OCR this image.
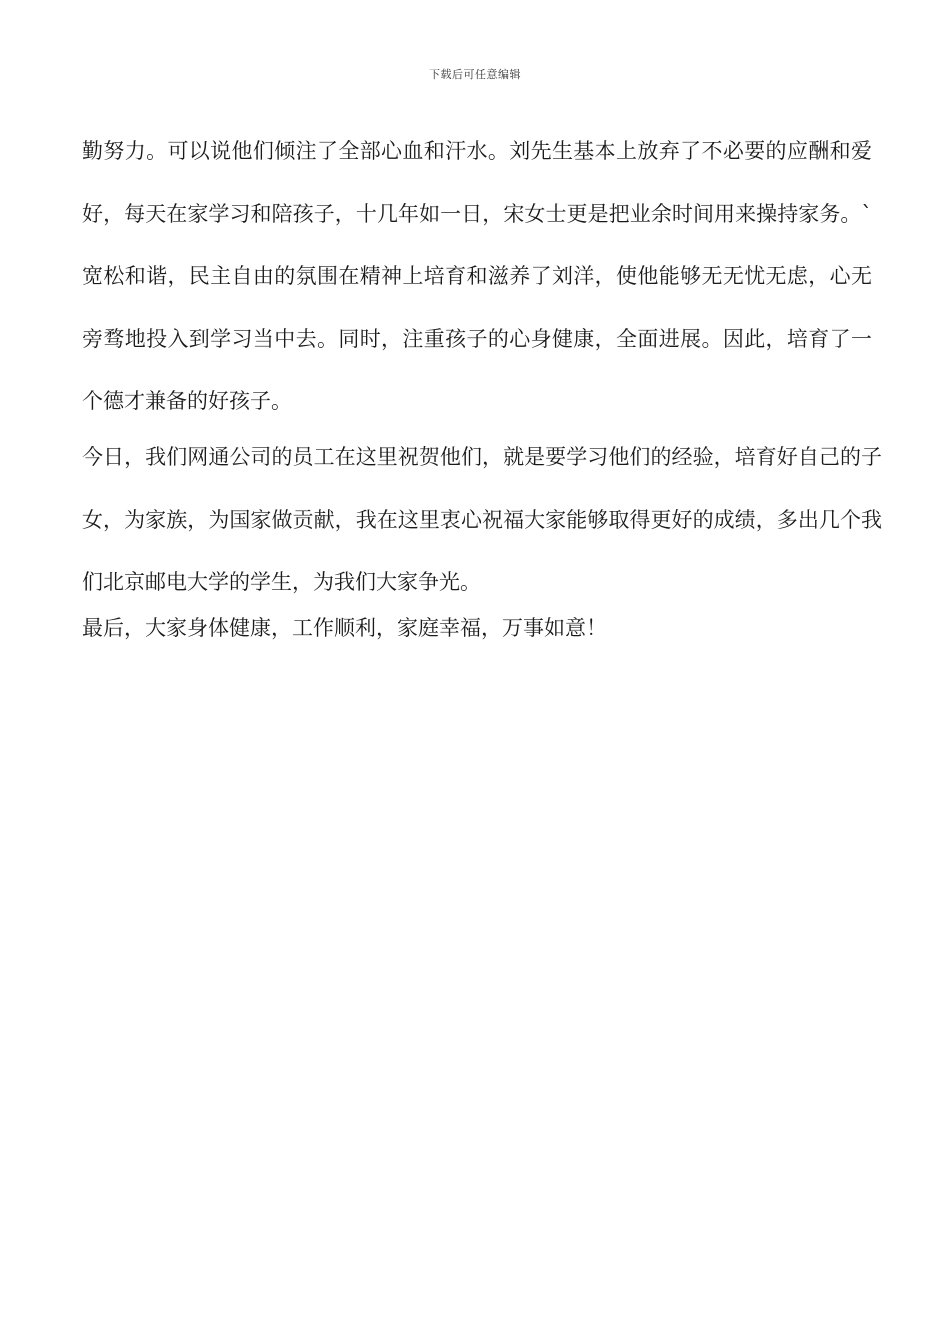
下载后可任意编辑

勤努力。可以说他们倾注了全部心血和汗水。刘先生基本上放弃了不必要的应酬和爱好，每天在家学习和陪孩子，十几年如一日，宋女士更是把业余时间用来操持家务。`宽松和谐，民主自由的氛围在精神上培育和滋养了刘洋，使他能够无无忧无虑，心无旁骛地投入到学习当中去。同时，注重孩子的心身健康，全面进展。因此，培育了一个德才兼备的好孩子。

今日，我们网通公司的员工在这里祝贺他们，就是要学习他们的经验，培育好自己的子女，为家族，为国家做贡献，我在这里衷心祝福大家能够取得更好的成绩，多出几个我们北京邮电大学的学生，为我们大家争光。

最后，大家身体健康，工作顺利，家庭幸福，万事如意！
